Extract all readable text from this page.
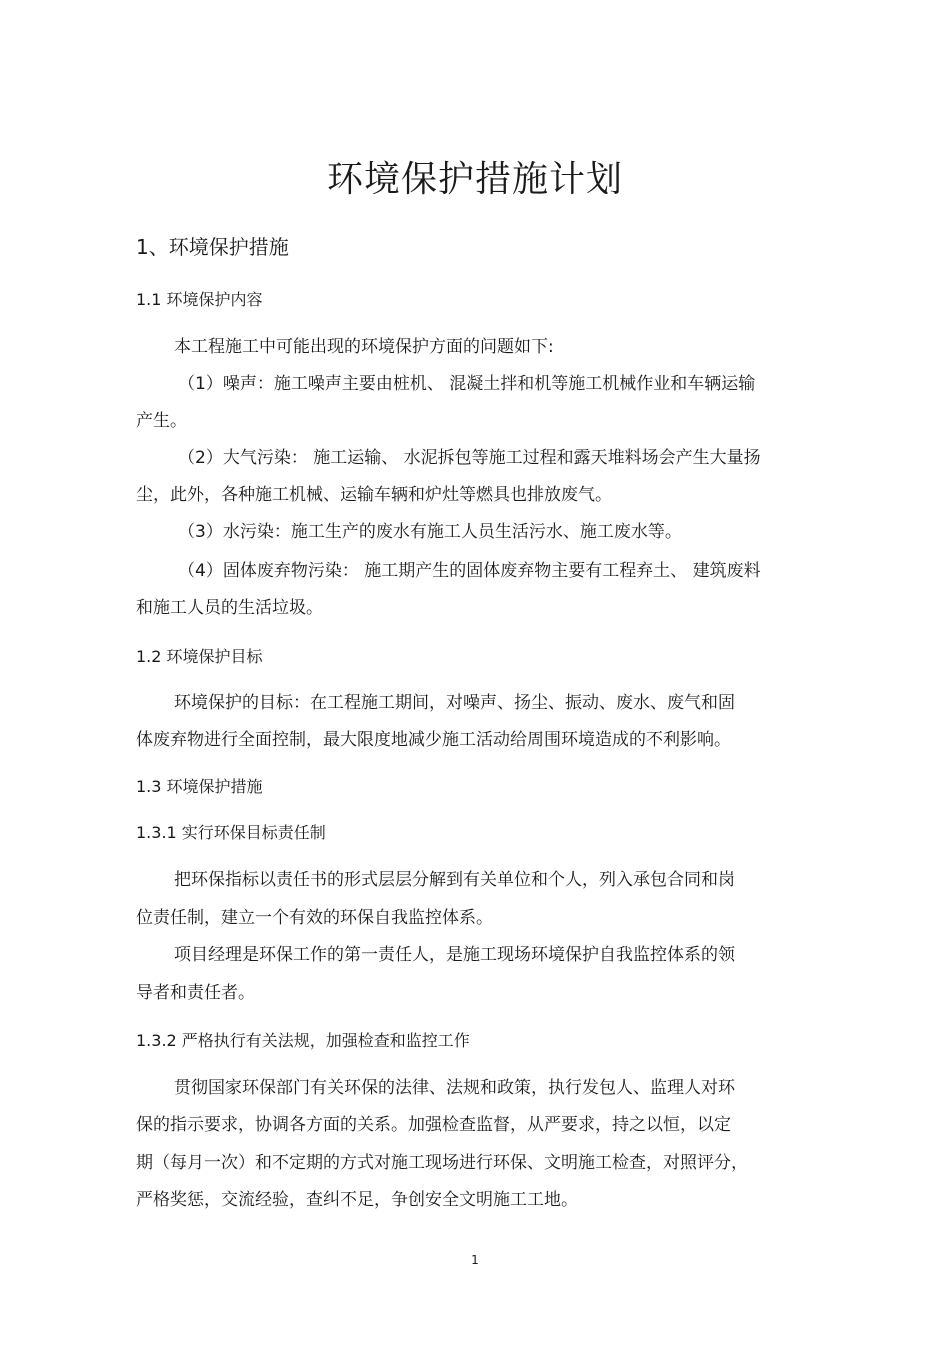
环境保护措施计划
1、环境保护措施
1.1 环境保护内容
本工程施工中可能出现的环境保护方面的问题如下:
（1）噪声：施工噪声主要由桩机、 混凝土拌和机等施工机械作业和车辆运输
产生。
（2）大气污染： 施工运输、 水泥拆包等施工过程和露天堆料场会产生大量扬
尘，此外，各种施工机械、运输车辆和炉灶等燃具也排放废气。
（3）水污染：施工生产的废水有施工人员生活污水、施工废水等。
（4）固体废弃物污染： 施工期产生的固体废弃物主要有工程弃土、 建筑废料
和施工人员的生活垃圾。
1.2 环境保护目标
环境保护的目标：在工程施工期间，对噪声、扬尘、振动、废水、废气和固
体废弃物进行全面控制，最大限度地减少施工活动给周围环境造成的不利影响。
1.3 环境保护措施
1.3.1 实行环保目标责任制
把环保指标以责任书的形式层层分解到有关单位和个人，列入承包合同和岗
位责任制，建立一个有效的环保自我监控体系。
项目经理是环保工作的第一责任人，是施工现场环境保护自我监控体系的领
导者和责任者。
1.3.2 严格执行有关法规，加强检查和监控工作
贯彻国家环保部门有关环保的法律、法规和政策，执行发包人、监理人对环
保的指示要求，协调各方面的关系。加强检查监督，从严要求，持之以恒，以定
期（每月一次）和不定期的方式对施工现场进行环保、文明施工检查，对照评分，
严格奖惩，交流经验，查纠不足，争创安全文明施工工地。
1
